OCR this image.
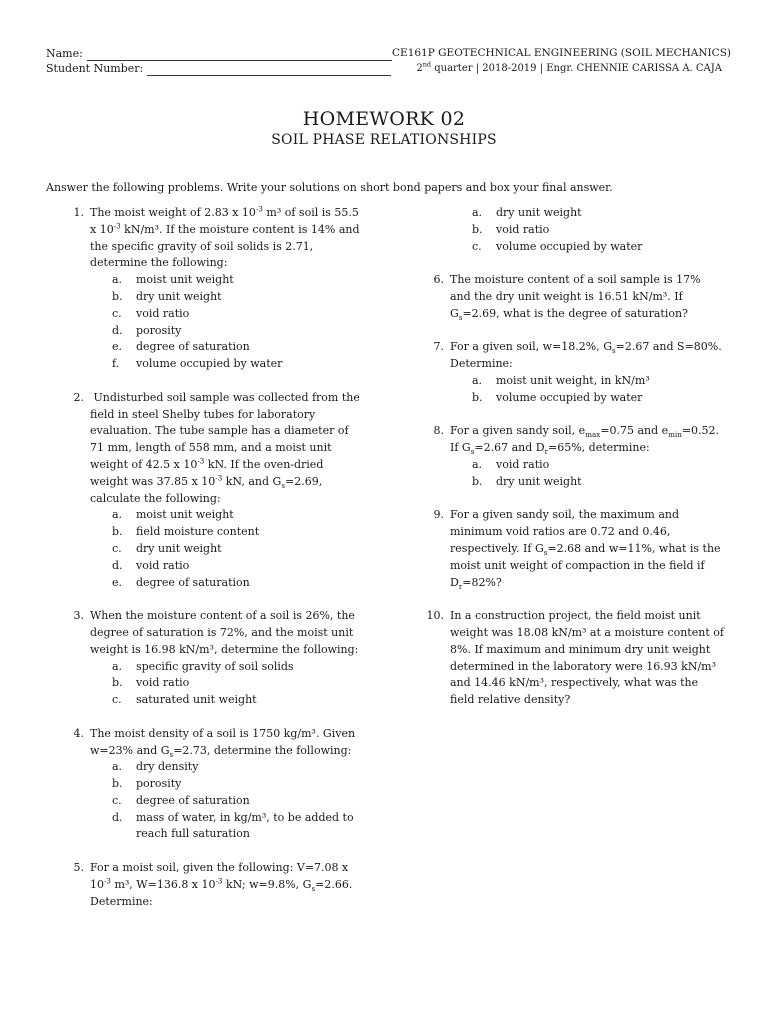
Name:
Student Number:
CE161P GEOTECHNICAL ENGINEERING (SOIL MECHANICS)
2nd quarter | 2018-2019 | Engr. CHENNIE CARISSA A. CAJA
HOMEWORK 02
SOIL PHASE RELATIONSHIPS
Answer the following problems. Write your solutions on short bond papers and box your final answer.
1. The moist weight of 2.83 x $10^{-3}$ m³ of soil is 55.5 x $10^{-3}$ kN/m³. If the moisture content is 14% and the specific gravity of soil solids is 2.71, determine the following:
a. moist unit weight
b. dry unit weight
c. void ratio
d. porosity
e. degree of saturation
f. volume occupied by water
2. Undisturbed soil sample was collected from the field in steel Shelby tubes for laboratory evaluation. The tube sample has a diameter of 71 mm, length of 558 mm, and a moist unit weight of 42.5 x $10^{-3}$ kN. If the oven-dried weight was 37.85 x $10^{-3}$ kN, and $G_s=2.69$, calculate the following:
a. moist unit weight
b. field moisture content
c. dry unit weight
d. void ratio
e. degree of saturation
3. When the moisture content of a soil is 26%, the degree of saturation is 72%, and the moist unit weight is 16.98 kN/m³, determine the following:
a. specific gravity of soil solids
b. void ratio
c. saturated unit weight
4. The moist density of a soil is 1750 kg/m³. Given w=23% and $G_s=2.73$, determine the following:
a. dry density
b. porosity
c. degree of saturation
d. mass of water, in kg/m³, to be added to reach full saturation
5. For a moist soil, given the following: V=7.08 x $10^{-3}$ m³, W=136.8 x $10^{-3}$ kN; w=9.8%, $G_s=2.66$. Determine:
a. dry unit weight
b. void ratio
c. volume occupied by water
6. The moisture content of a soil sample is 17% and the dry unit weight is 16.51 kN/m³. If $G_s=2.69$, what is the degree of saturation?
7. For a given soil, w=18.2%, $G_s=2.67$ and S=80%. Determine:
a. moist unit weight, in kN/m³
b. volume occupied by water
8. For a given sandy soil, $e_{max}=0.75$ and $e_{min}=0.52$. If $G_s=2.67$ and $D_r=65\%$, determine:
a. void ratio
b. dry unit weight
9. For a given sandy soil, the maximum and minimum void ratios are 0.72 and 0.46, respectively. If $G_s=2.68$ and w=11%, what is the moist unit weight of compaction in the field if $D_r=82\%$?
10. In a construction project, the field moist unit weight was 18.08 kN/m³ at a moisture content of 8%. If maximum and minimum dry unit weight determined in the laboratory were 16.93 kN/m³ and 14.46 kN/m³, respectively, what was the field relative density?
